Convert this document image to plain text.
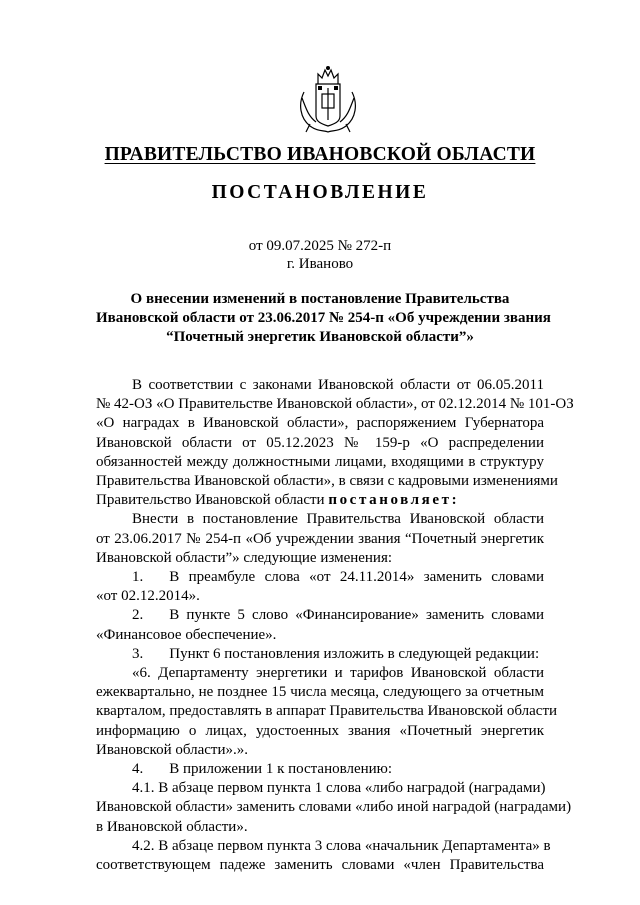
ПРАВИТЕЛЬСТВО ИВАНОВСКОЙ ОБЛАСТИ
ПОСТАНОВЛЕНИЕ
от 09.07.2025 № 272-п
г. Иваново
О внесении изменений в постановление Правительства
Ивановской области от 23.06.2017 № 254-п «Об учреждении звания
“Почетный энергетик Ивановской области”»
В соответствии с законами Ивановской области от 06.05.2011
№ 42-ОЗ «О Правительстве Ивановской области», от 02.12.2014 № 101-ОЗ
«О наградах в Ивановской области», распоряжением Губернатора
Ивановской области от 05.12.2023 № 159-р «О распределении
обязанностей между должностными лицами, входящими в структуру
Правительства Ивановской области», в связи с кадровыми изменениями
Правительство Ивановской области постановляет:
Внести в постановление Правительства Ивановской области
от 23.06.2017 № 254-п «Об учреждении звания “Почетный энергетик
Ивановской области”» следующие изменения:
1. В преамбуле слова «от 24.11.2014» заменить словами
«от 02.12.2014».
2. В пункте 5 слово «Финансирование» заменить словами
«Финансовое обеспечение».
3. Пункт 6 постановления изложить в следующей редакции:
«6. Департаменту энергетики и тарифов Ивановской области
ежеквартально, не позднее 15 числа месяца, следующего за отчетным
кварталом, предоставлять в аппарат Правительства Ивановской области
информацию о лицах, удостоенных звания «Почетный энергетик
Ивановской области».».
4. В приложении 1 к постановлению:
4.1. В абзаце первом пункта 1 слова «либо наградой (наградами)
Ивановской области» заменить словами «либо иной наградой (наградами)
в Ивановской области».
4.2. В абзаце первом пункта 3 слова «начальник Департамента» в
соответствующем падеже заменить словами «член Правительства
